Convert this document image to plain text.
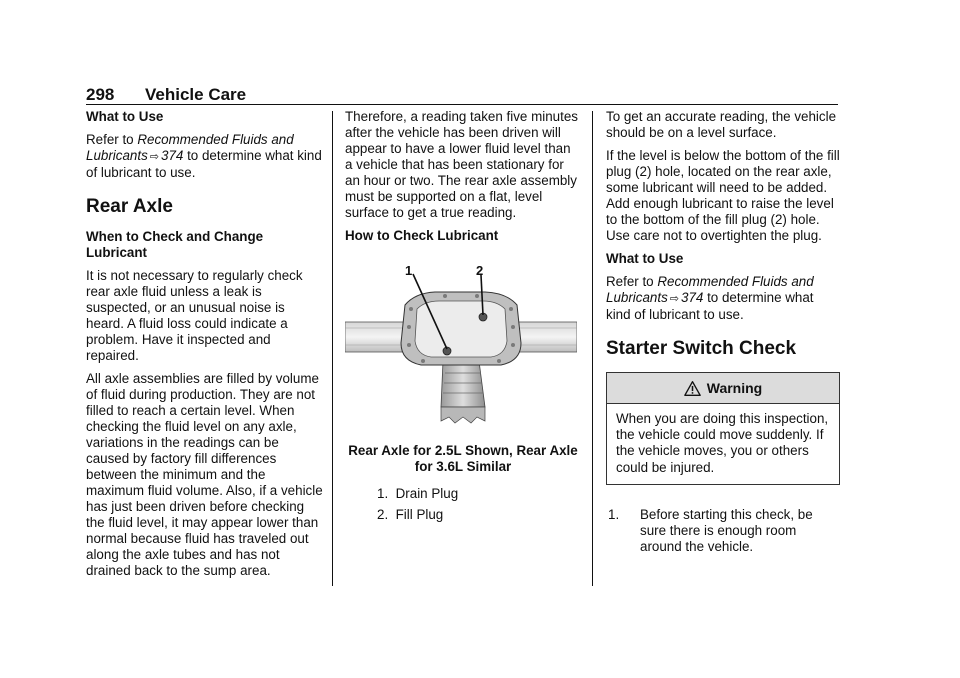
298 Vehicle Care
What to Use

Refer to Recommended Fluids and Lubricants ⇨ 374 to determine what kind of lubricant to use.

Rear Axle
When to Check and Change Lubricant

It is not necessary to regularly check rear axle fluid unless a leak is suspected, or an unusual noise is heard. A fluid loss could indicate a problem. Have it inspected and repaired.

All axle assemblies are filled by volume of fluid during production. They are not filled to reach a certain level. When checking the fluid level on any axle, variations in the readings can be caused by factory fill differences between the minimum and the maximum fluid volume. Also, if a vehicle has just been driven before checking the fluid level, it may appear lower than normal because fluid has traveled out along the axle tubes and has not drained back to the sump area.

Therefore, a reading taken five minutes after the vehicle has been driven will appear to have a lower fluid level than a vehicle that has been stationary for an hour or two. The rear axle assembly must be supported on a flat, level surface to get a true reading.

How to Check Lubricant
1	2
Rear Axle for 2.5L Shown, Rear Axle for 3.6L Similar
1. Drain Plug
2. Fill Plug

To get an accurate reading, the vehicle should be on a level surface.

If the level is below the bottom of the fill plug (2) hole, located on the rear axle, some lubricant will need to be added. Add enough lubricant to raise the level to the bottom of the fill plug (2) hole. Use care not to overtighten the plug.

What to Use

Refer to Recommended Fluids and Lubricants ⇨ 374 to determine what kind of lubricant to use.

Starter Switch Check
Warning
When you are doing this inspection, the vehicle could move suddenly. If the vehicle moves, you or others could be injured.
1.	Before starting this check, be sure there is enough room around the vehicle.
